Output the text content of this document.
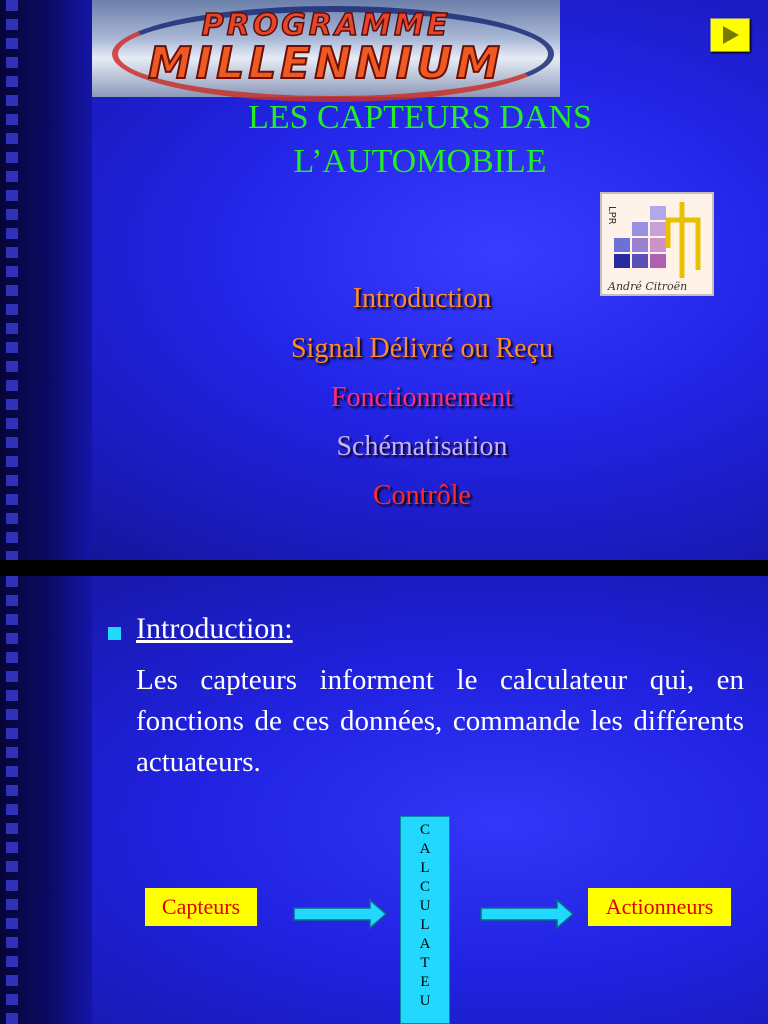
PROGRAMME
MILLENNIUM
LES CAPTEURS DANS
L’AUTOMOBILE
LPR
André Citroën
Introduction
Signal Délivré ou Reçu
Fonctionnement
Schématisation
Contrôle
Introduction:
Les capteurs informent le calculateur qui, en fonctions de ces données, commande les différents actuateurs.
Capteurs
C
A
L
C
U
L
A
T
E
U
Actionneurs
